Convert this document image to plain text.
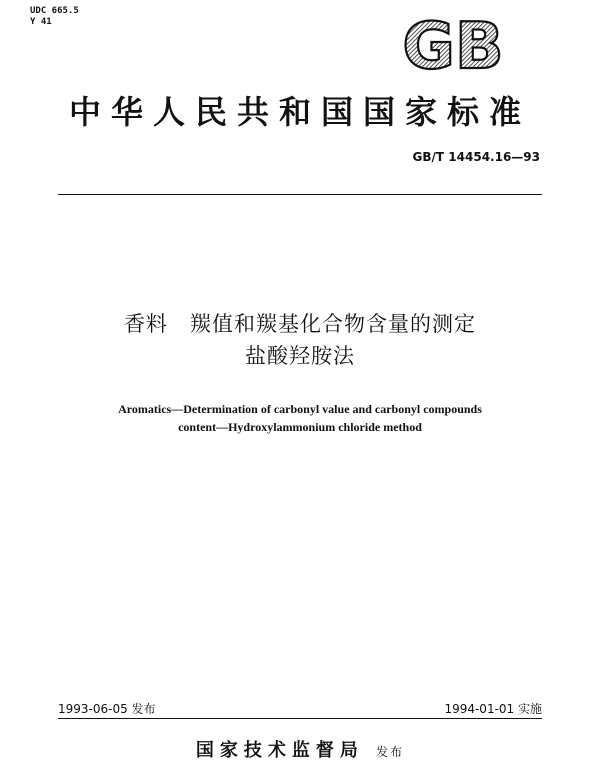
UDC 665.5
Y 41	GB
中华人民共和国国家标准
GB/T 14454.16—93
香料 羰值和羰基化合物含量的测定
盐酸羟胺法
Aromatics—Determination of carbonyl value and carbonyl compounds
content—Hydroxylammonium chloride method
1993-06-05 发布	1994-01-01 实施
国家技术监督局 发布
